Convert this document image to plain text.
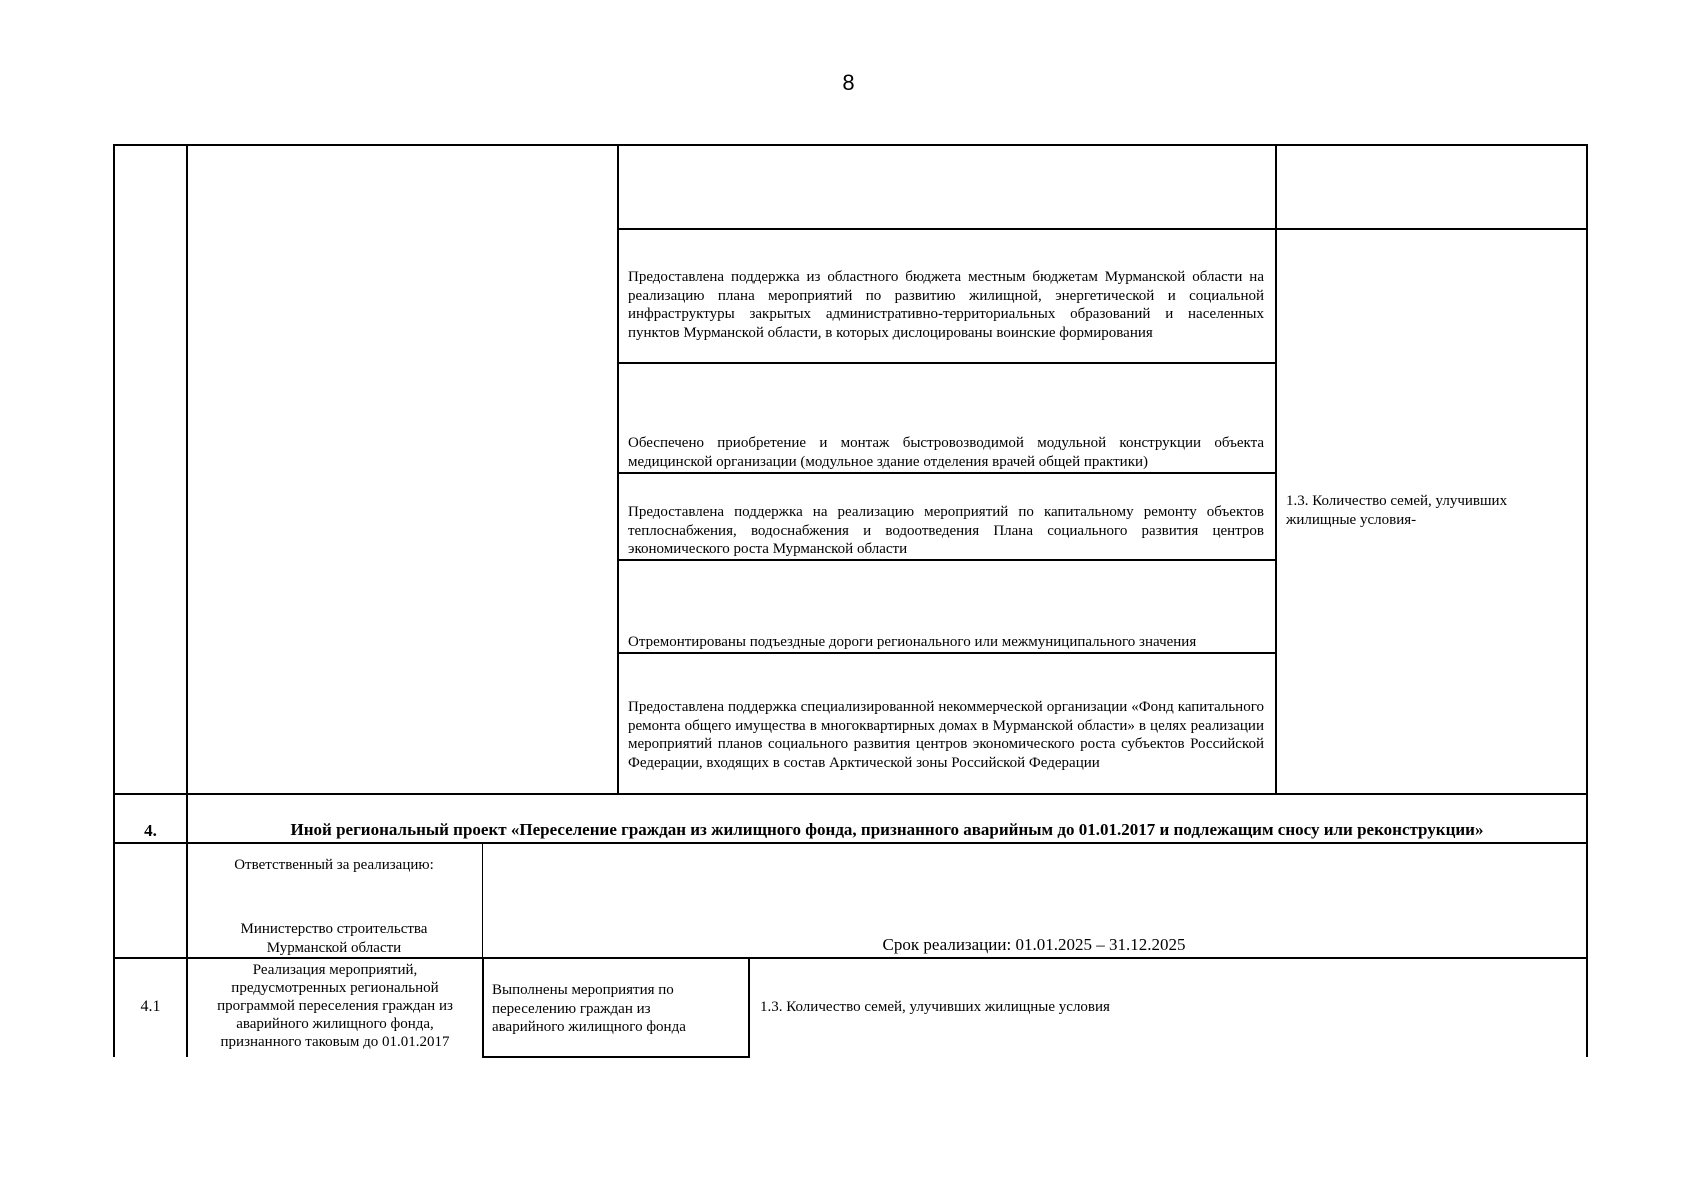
8
Предоставлена поддержка из областного бюджета местным бюджетам Мурманской области на реализацию плана мероприятий по развитию жилищной, энергетической и социальной инфраструктуры закрытых административно-территориальных образований и населенных пунктов Мурманской области, в которых дислоцированы воинские формирования
Обеспечено приобретение и монтаж быстровозводимой модульной конструкции объекта медицинской организации (модульное здание отделения врачей общей практики)
Предоставлена поддержка на реализацию мероприятий по капитальному ремонту объектов теплоснабжения, водоснабжения и водоотведения Плана социального развития центров экономического роста Мурманской области
Отремонтированы подъездные дороги регионального или межмуниципального значения
Предоставлена поддержка специализированной некоммерческой организации «Фонд капитального ремонта общего имущества в многоквартирных домах в Мурманской области» в целях реализации мероприятий планов социального развития центров экономического роста субъектов Российской Федерации, входящих в состав Арктической зоны Российской Федерации
1.3. Количество семей, улучивших жилищные условия-
4.	Иной региональный проект «Переселение граждан из жилищного фонда, признанного аварийным до 01.01.2017 и подлежащим сносу или реконструкции»
Ответственный за реализацию:
Министерство строительства Мурманской области	Срок реализации: 01.01.2025 – 31.12.2025
4.1
Реализация мероприятий, предусмотренных региональной программой переселения граждан из аварийного жилищного фонда, признанного таковым до 01.01.2017
Выполнены мероприятия по переселению граждан из аварийного жилищного фонда
1.3. Количество семей, улучивших жилищные условия
